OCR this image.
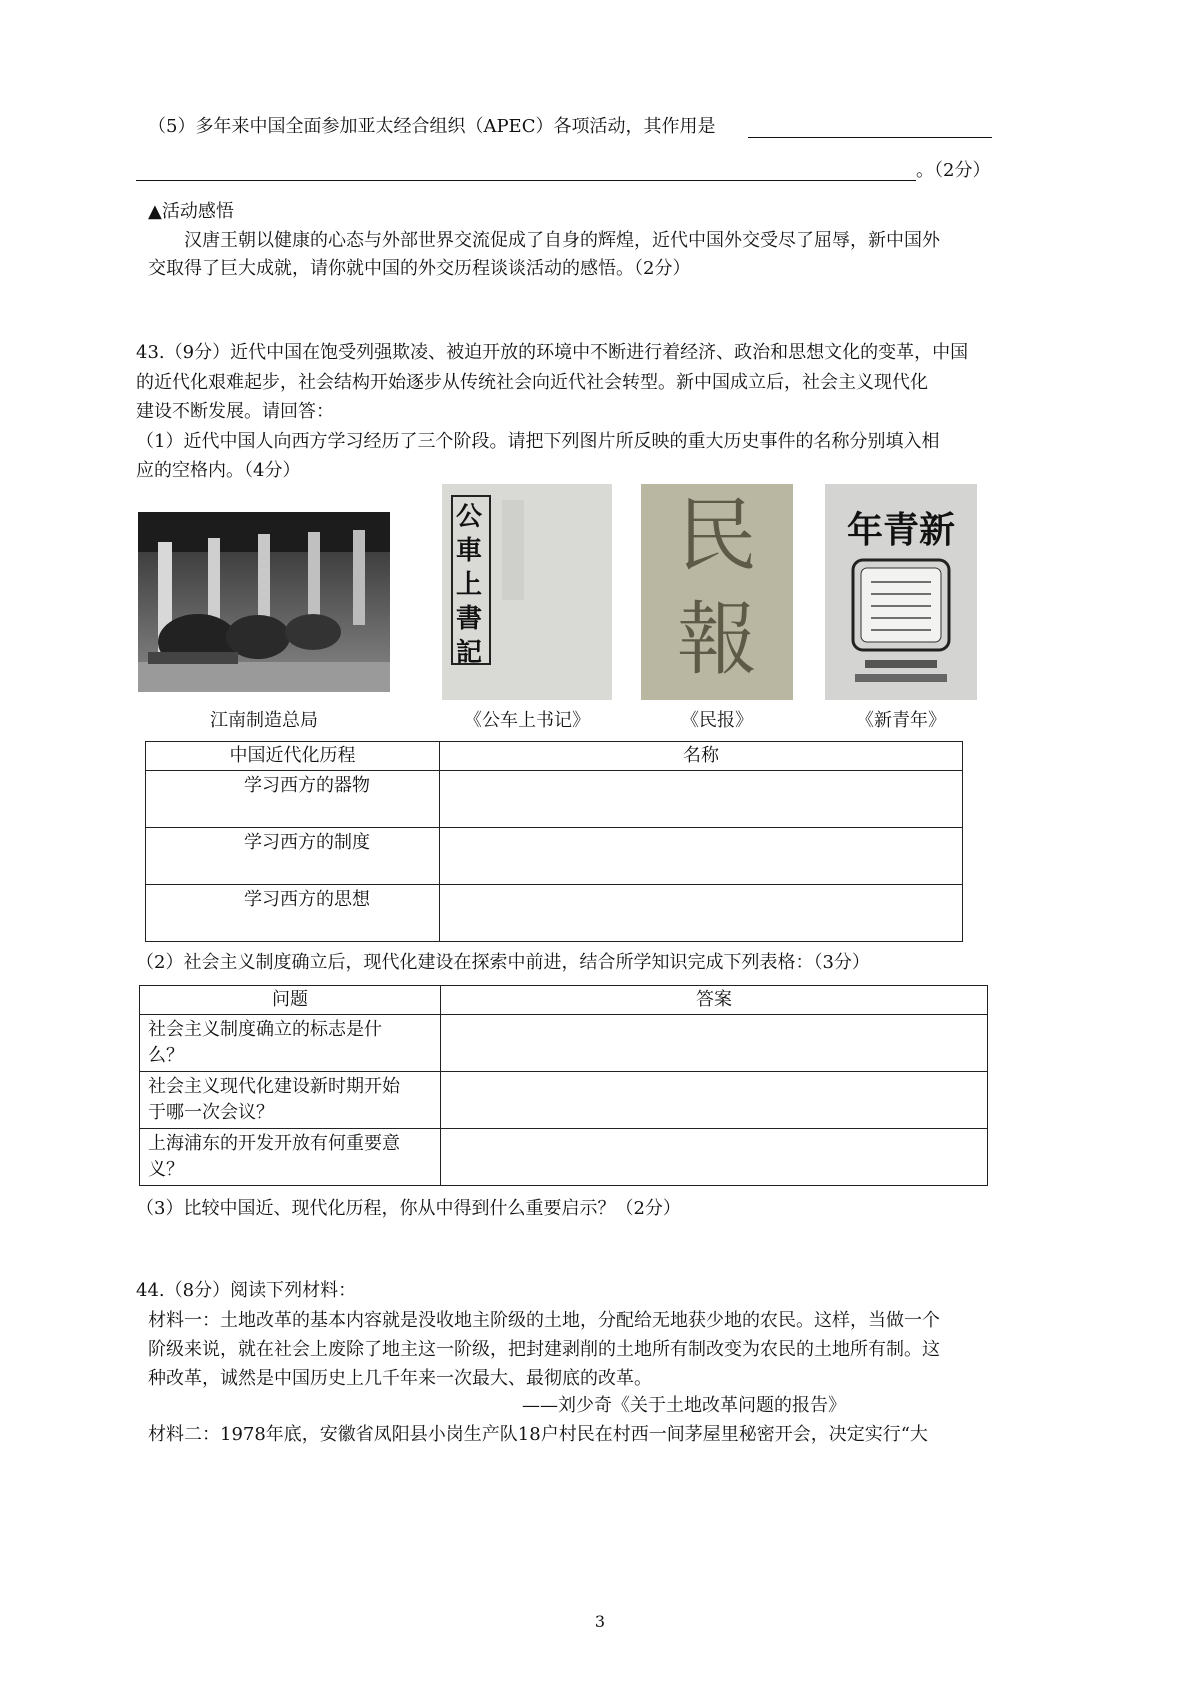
（5）多年来中国全面参加亚太经合组织（APEC）各项活动，其作用是
。（2分）
▲活动感悟
汉唐王朝以健康的心态与外部世界交流促成了自身的辉煌，近代中国外交受尽了屈辱，新中国外
交取得了巨大成就，请你就中国的外交历程谈谈活动的感悟。（2分）
43.（9分）近代中国在饱受列强欺凌、被迫开放的环境中不断进行着经济、政治和思想文化的变革，中国
的近代化艰难起步，社会结构开始逐步从传统社会向近代社会转型。新中国成立后，社会主义现代化
建设不断发展。请回答：
（1）近代中国人向西方学习经历了三个阶段。请把下列图片所反映的重大历史事件的名称分别填入相
应的空格内。（4分）
江南制造总局
公車上書記
《公车上书记》
民報
《民报》
年青新
《新青年》
中国近代化历程	名称
学习西方的器物	
学习西方的制度	
学习西方的思想	
（2）社会主义制度确立后，现代化建设在探索中前进，结合所学知识完成下列表格：（3分）
问题	答案
社会主义制度确立的标志是什
么？	
社会主义现代化建设新时期开始
于哪一次会议？	
上海浦东的开发开放有何重要意
义？	
（3）比较中国近、现代化历程，你从中得到什么重要启示？（2分）
44.（8分）阅读下列材料：
材料一：土地改革的基本内容就是没收地主阶级的土地，分配给无地获少地的农民。这样，当做一个
阶级来说，就在社会上废除了地主这一阶级，把封建剥削的土地所有制改变为农民的土地所有制。这
种改革，诚然是中国历史上几千年来一次最大、最彻底的改革。
——刘少奇《关于土地改革问题的报告》
材料二：1978年底，安徽省凤阳县小岗生产队18户村民在村西一间茅屋里秘密开会，决定实行“大
3
